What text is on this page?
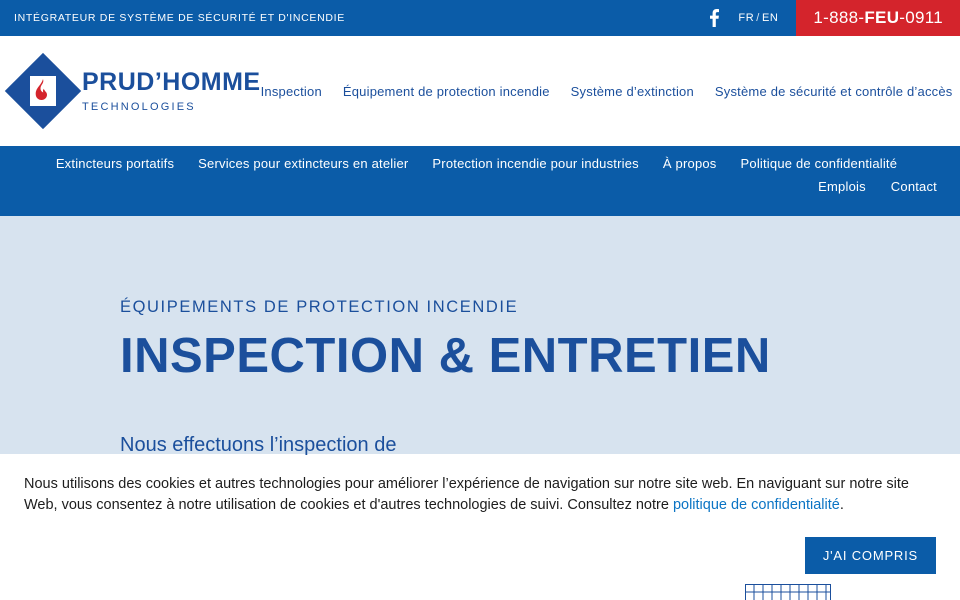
INTÉGRATEUR DE SYSTÈME DE SÉCURITÉ ET D'INCENDIE	FR / EN 1-888- FEU -0911
PRUD’HOMME
TECHNOLOGIES
Inspection Équipement de protection incendie Système d’extinction Système de sécurité et contrôle d’accès
Extincteurs portatifs Services pour extincteurs en atelier Protection incendie pour industries À propos Politique de confidentialité
Emplois Contact
ÉQUIPEMENTS DE PROTECTION INCENDIE
INSPECTION & ENTRETIEN
Nous effectuons l’inspection de
Nous utilisons des cookies et autres technologies pour améliorer l’expérience de navigation sur notre site web. En naviguant sur notre site Web, vous consentez à notre utilisation de cookies et d'autres technologies de suivi. Consultez notre politique de confidentialité.
J'AI COMPRIS
